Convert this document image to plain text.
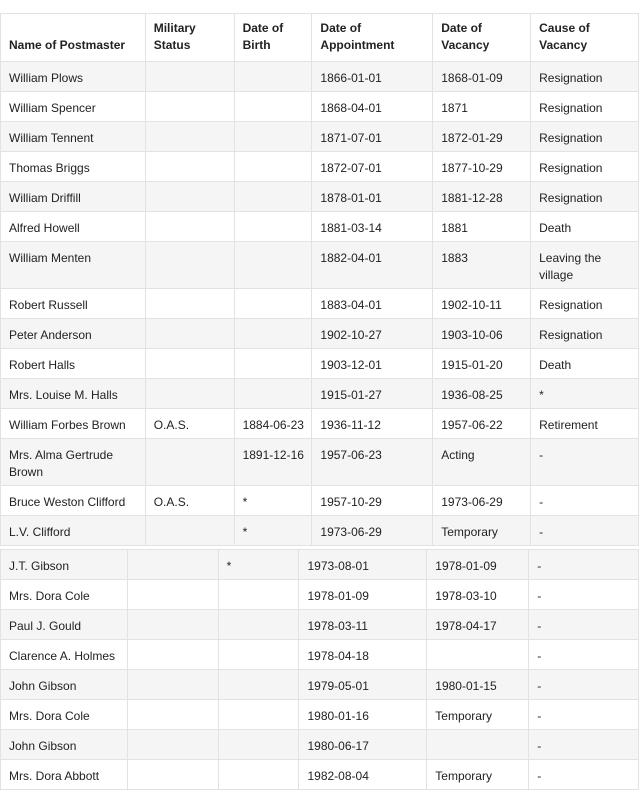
Name of Postmaster	Military Status	Date of Birth	Date of Appointment	Date of Vacancy	Cause of Vacancy
William Plows			1866-01-01	1868-01-09	Resignation
William Spencer			1868-04-01	1871	Resignation
William Tennent			1871-07-01	1872-01-29	Resignation
Thomas Briggs			1872-07-01	1877-10-29	Resignation
William Driffill			1878-01-01	1881-12-28	Resignation
Alfred Howell			1881-03-14	1881	Death
William Menten			1882-04-01	1883	Leaving the village
Robert Russell			1883-04-01	1902-10-11	Resignation
Peter Anderson			1902-10-27	1903-10-06	Resignation
Robert Halls			1903-12-01	1915-01-20	Death
Mrs. Louise M. Halls			1915-01-27	1936-08-25	*
William Forbes Brown	O.A.S.	1884-06-23	1936-11-12	1957-06-22	Retirement
Mrs. Alma Gertrude Brown		1891-12-16	1957-06-23	Acting	-
Bruce Weston Clifford	O.A.S.	*	1957-10-29	1973-06-29	-
L.V. Clifford		*	1973-06-29	Temporary	-
J.T. Gibson		*	1973-08-01	1978-01-09	-
Mrs. Dora Cole			1978-01-09	1978-03-10	-
Paul J. Gould			1978-03-11	1978-04-17	-
Clarence A. Holmes			1978-04-18		-
John Gibson			1979-05-01	1980-01-15	-
Mrs. Dora Cole			1980-01-16	Temporary	-
John Gibson			1980-06-17		-
Mrs. Dora Abbott			1982-08-04	Temporary	-
